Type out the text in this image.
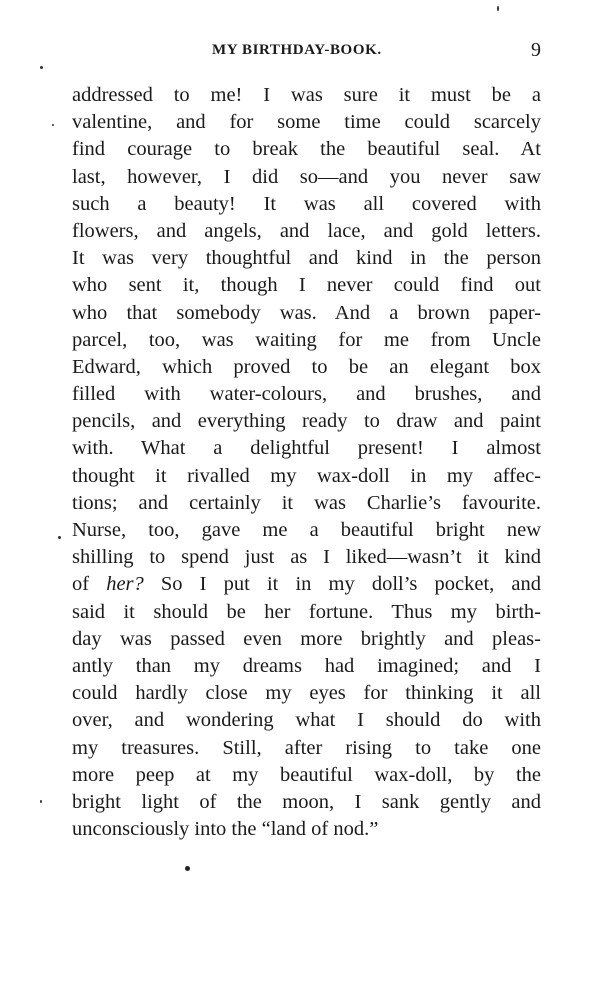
MY BIRTHDAY-BOOK.	9
addressed to me! I was sure it must be a
valentine, and for some time could scarcely
find courage to break the beautiful seal. At
last, however, I did so—and you never saw
such a beauty! It was all covered with
flowers, and angels, and lace, and gold letters.
It was very thoughtful and kind in the person
who sent it, though I never could find out
who that somebody was. And a brown paper-
parcel, too, was waiting for me from Uncle
Edward, which proved to be an elegant box
filled with water-colours, and brushes, and
pencils, and everything ready to draw and paint
with. What a delightful present! I almost
thought it rivalled my wax-doll in my affec-
tions; and certainly it was Charlie’s favourite.
Nurse, too, gave me a beautiful bright new
shilling to spend just as I liked—wasn’t it kind
of her? So I put it in my doll’s pocket, and
said it should be her fortune. Thus my birth-
day was passed even more brightly and pleas-
antly than my dreams had imagined; and I
could hardly close my eyes for thinking it all
over, and wondering what I should do with
my treasures. Still, after rising to take one
more peep at my beautiful wax-doll, by the
bright light of the moon, I sank gently and
unconsciously into the “land of nod.”
